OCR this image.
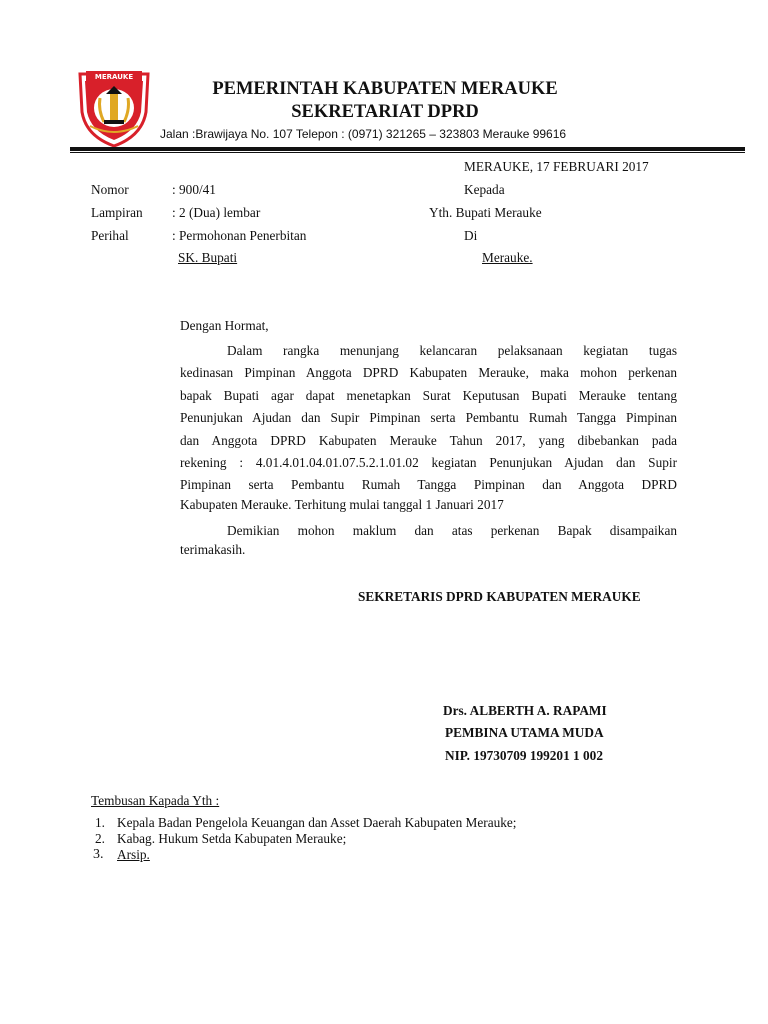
MERAUKE
PEMERINTAH KABUPATEN MERAUKE
SEKRETARIAT DPRD
Jalan :Brawijaya No. 107 Telepon : (0971) 321265 – 323803 Merauke 99616
MERAUKE, 17 FEBRUARI 2017
Nomor	: 900/41
Lampiran : 2 (Dua) lembar
Perihal	: Permohonan Penerbitan
SK. Bupati
Kepada
Yth. Bupati Merauke
Di
Merauke.
Dengan Hormat,
Dalam rangka menunjang kelancaran pelaksanaan kegiatan tugas
kedinasan Pimpinan Anggota DPRD Kabupaten Merauke, maka mohon perkenan
bapak Bupati agar dapat menetapkan Surat Keputusan Bupati Merauke tentang
Penunjukan Ajudan dan Supir Pimpinan serta Pembantu Rumah Tangga Pimpinan
dan Anggota DPRD Kabupaten Merauke Tahun 2017, yang dibebankan pada
rekening : 4.01.4.01.04.01.07.5.2.1.01.02 kegiatan Penunjukan Ajudan dan Supir
Pimpinan serta Pembantu Rumah Tangga Pimpinan dan Anggota DPRD
Kabupaten Merauke. Terhitung mulai tanggal 1 Januari 2017
Demikian mohon maklum dan atas perkenan Bapak disampaikan
terimakasih.
SEKRETARIS DPRD KABUPATEN MERAUKE
Drs. ALBERTH A. RAPAMI
PEMBINA UTAMA MUDA
NIP. 19730709 199201 1 002
Tembusan Kapada Yth :
1. Kepala Badan Pengelola Keuangan dan Asset Daerah Kabupaten Merauke;
2. Kabag. Hukum Setda Kabupaten Merauke;
3. Arsip.
